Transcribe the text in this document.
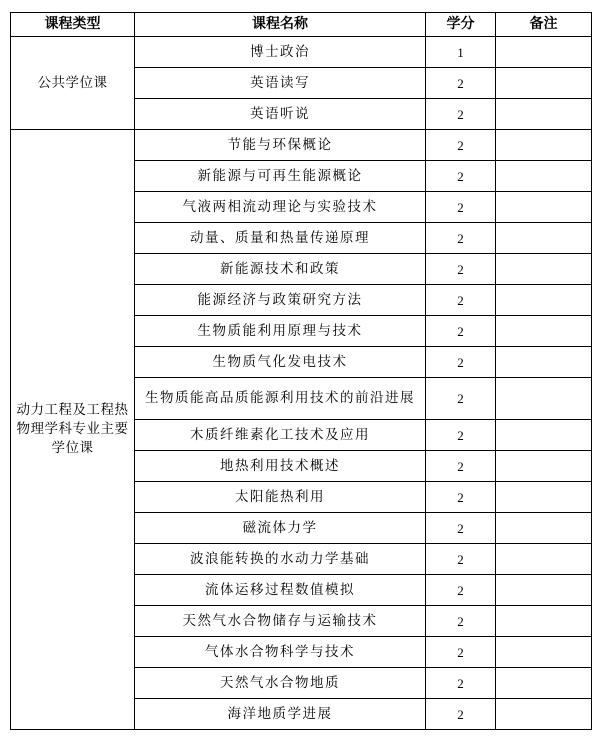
课程类型	课程名称	学分	备注
公共学位课	博士政治	1	
	英语读写	2	
	英语听说	2	
动力工程及工程热物理学科专业主要学位课	节能与环保概论	2	
	新能源与可再生能源概论	2	
	气液两相流动理论与实验技术	2	
	动量、质量和热量传递原理	2	
	新能源技术和政策	2	
	能源经济与政策研究方法	2	
	生物质能利用原理与技术	2	
	生物质气化发电技术	2	
	生物质能高品质能源利用技术的前沿进展	2	
	木质纤维素化工技术及应用	2	
	地热利用技术概述	2	
	太阳能热利用	2	
	磁流体力学	2	
	波浪能转换的水动力学基础	2	
	流体运移过程数值模拟	2	
	天然气水合物储存与运输技术	2	
	气体水合物科学与技术	2	
	天然气水合物地质	2	
	海洋地质学进展	2	
